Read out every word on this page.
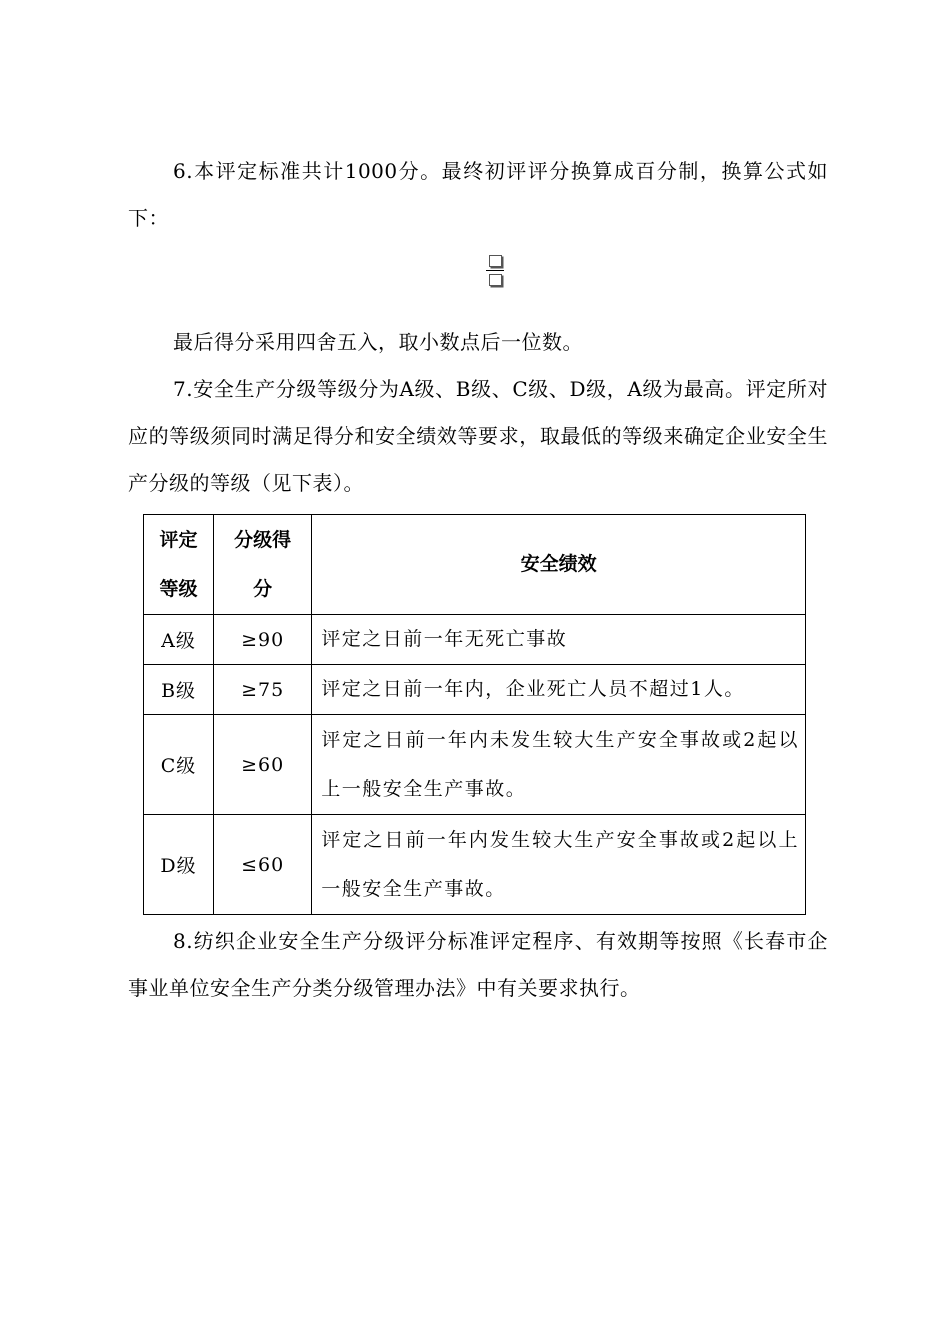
6.本评定标准共计1000分。最终初评评分换算成百分制，换算公式如下：
最后得分采用四舍五入，取小数点后一位数。
7.安全生产分级等级分为A级、B级、C级、D级，A级为最高。评定所对应的等级须同时满足得分和安全绩效等要求，取最低的等级来确定企业安全生产分级的等级（见下表）。
评定等级	分级得分	安全绩效
A级	≥90	评定之日前一年无死亡事故
B级	≥75	评定之日前一年内，企业死亡人员不超过1人。
C级	≥60	评定之日前一年内未发生较大生产安全事故或2起以上一般安全生产事故。
D级	≤60	评定之日前一年内发生较大生产安全事故或2起以上一般安全生产事故。
8.纺织企业安全生产分级评分标准评定程序、有效期等按照《长春市企事业单位安全生产分类分级管理办法》中有关要求执行。
